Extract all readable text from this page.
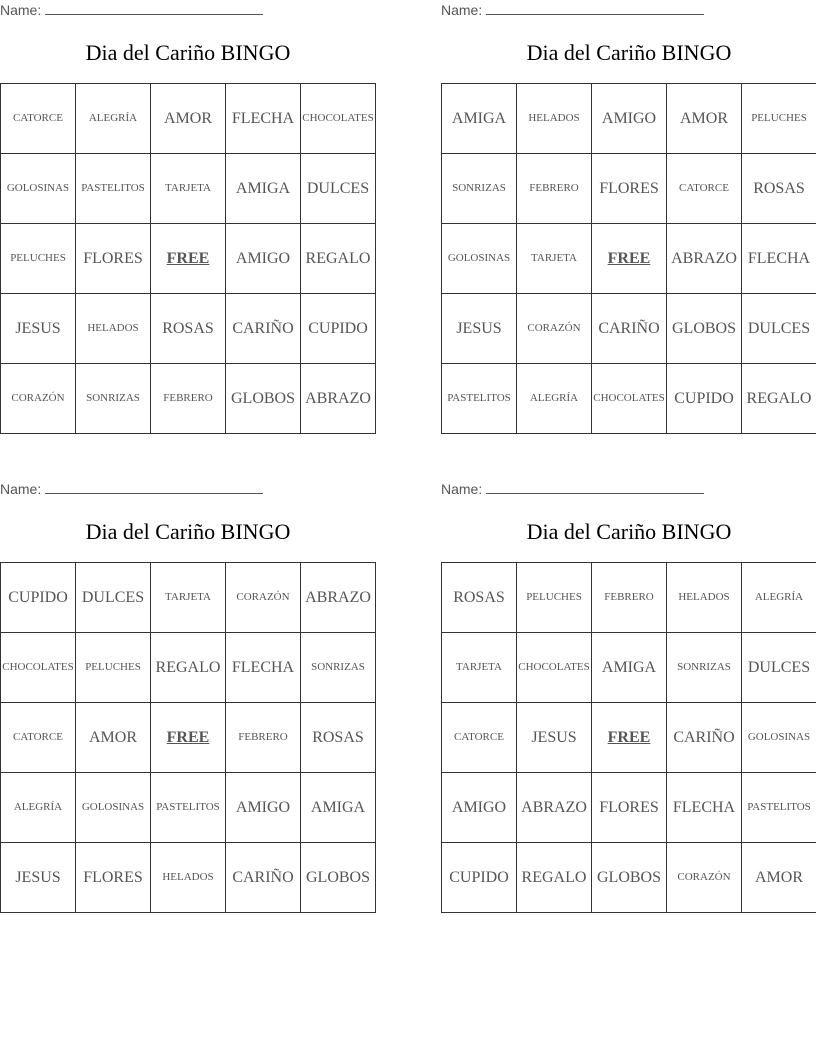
Name:
Dia del Cariño BINGO
CATORCE	ALEGRÍA	AMOR	FLECHA	CHOCOLATES
GOLOSINAS	PASTELITOS	TARJETA	AMIGA	DULCES
PELUCHES	FLORES	FREE	AMIGO	REGALO
JESUS	HELADOS	ROSAS	CARIÑO	CUPIDO
CORAZÓN	SONRIZAS	FEBRERO	GLOBOS	ABRAZO
Name:
Dia del Cariño BINGO
AMIGA	HELADOS	AMIGO	AMOR	PELUCHES
SONRIZAS	FEBRERO	FLORES	CATORCE	ROSAS
GOLOSINAS	TARJETA	FREE	ABRAZO	FLECHA
JESUS	CORAZÓN	CARIÑO	GLOBOS	DULCES
PASTELITOS	ALEGRÍA	CHOCOLATES	CUPIDO	REGALO
Name:
Dia del Cariño BINGO
CUPIDO	DULCES	TARJETA	CORAZÓN	ABRAZO
CHOCOLATES	PELUCHES	REGALO	FLECHA	SONRIZAS
CATORCE	AMOR	FREE	FEBRERO	ROSAS
ALEGRÍA	GOLOSINAS	PASTELITOS	AMIGO	AMIGA
JESUS	FLORES	HELADOS	CARIÑO	GLOBOS
Name:
Dia del Cariño BINGO
ROSAS	PELUCHES	FEBRERO	HELADOS	ALEGRÍA
TARJETA	CHOCOLATES	AMIGA	SONRIZAS	DULCES
CATORCE	JESUS	FREE	CARIÑO	GOLOSINAS
AMIGO	ABRAZO	FLORES	FLECHA	PASTELITOS
CUPIDO	REGALO	GLOBOS	CORAZÓN	AMOR
